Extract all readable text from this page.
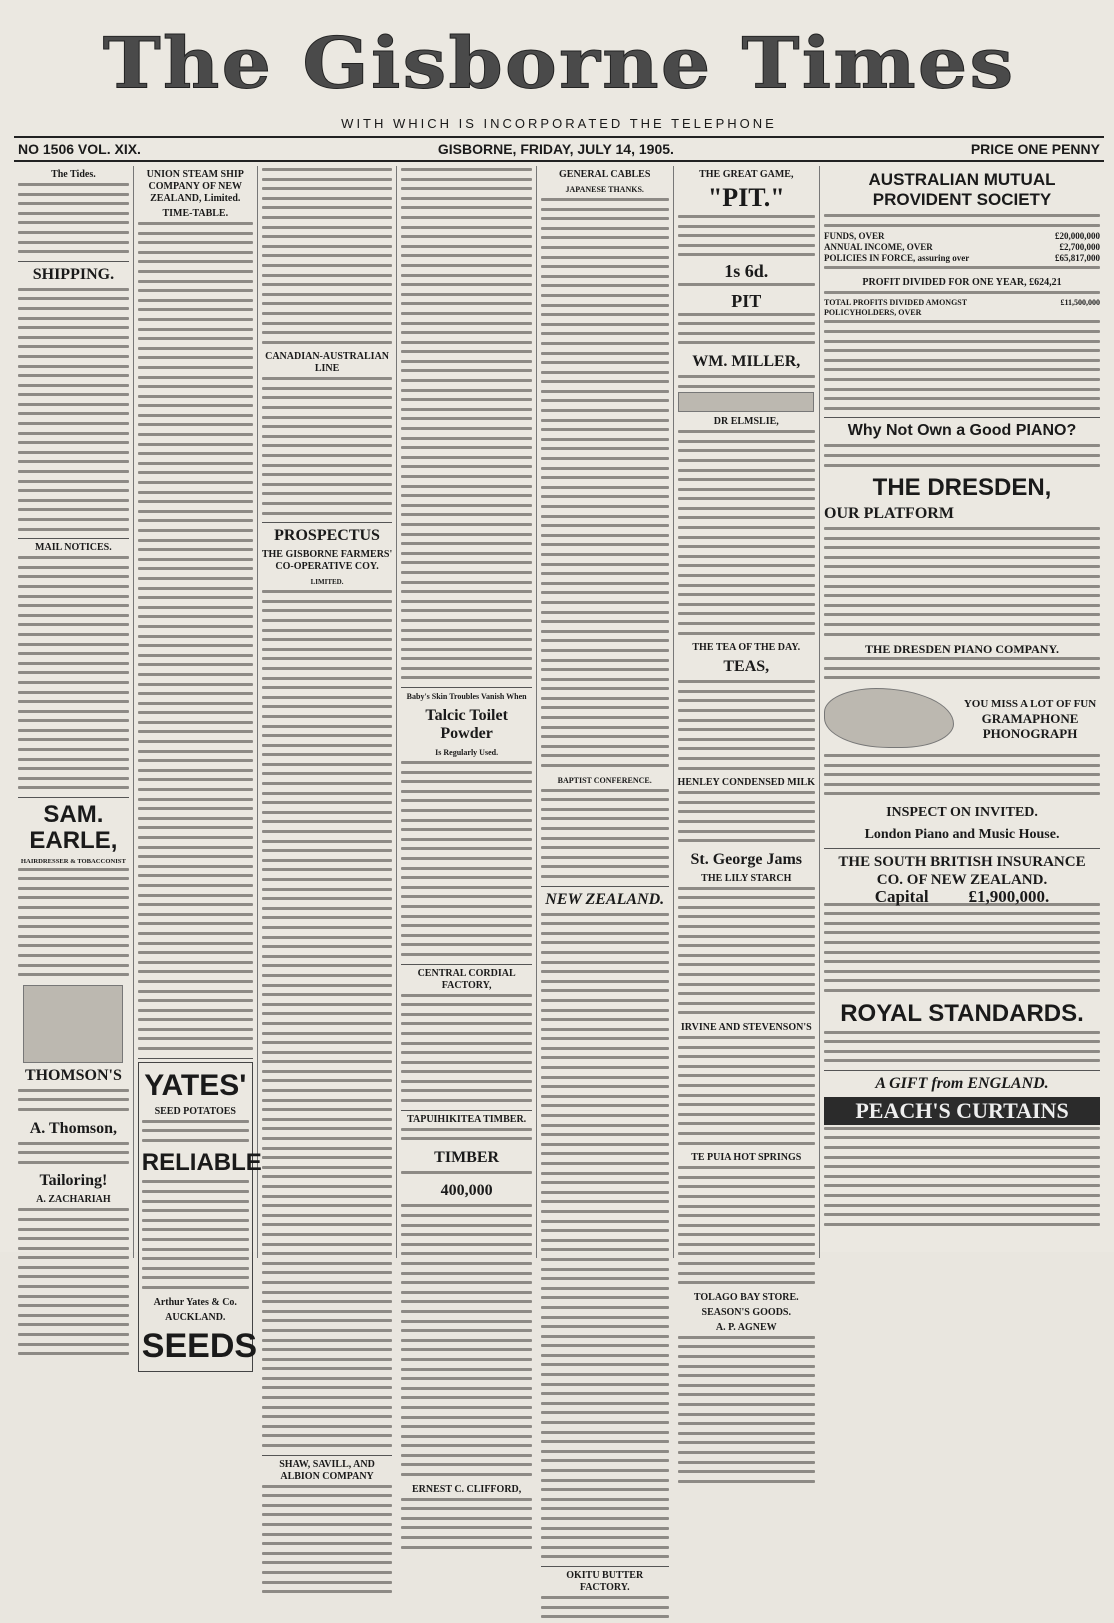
The Gisborne Times
WITH WHICH IS INCORPORATED THE TELEPHONE
NO 1506 VOL. XIX.	GISBORNE, FRIDAY, JULY 14, 1905.	PRICE ONE PENNY
The Tides.
SHIPPING.
MAIL NOTICES.
SAM. EARLE,
HAIRDRESSER & TOBACCONIST
THOMSON'S
A. Thomson,
Tailoring!
A. ZACHARIAH
UNION STEAM SHIP COMPANY OF NEW ZEALAND, Limited.
TIME-TABLE.
YATES'
SEED POTATOES
RELIABLE
Arthur Yates & Co.
AUCKLAND.
SEEDS
CANADIAN-AUSTRALIAN LINE
PROSPECTUS
THE GISBORNE FARMERS' CO-OPERATIVE COY.
LIMITED.
SHAW, SAVILL, AND ALBION COMPANY
Baby's Skin Troubles Vanish When
Talcic Toilet Powder
Is Regularly Used.
CENTRAL CORDIAL FACTORY,
TAPUIHIKITEA TIMBER.
TIMBER
400,000
ERNEST C. CLIFFORD,
GENERAL CABLES
JAPANESE THANKS.
BAPTIST CONFERENCE.
NEW ZEALAND.
OKITU BUTTER FACTORY.
THE GREAT GAME,
"PIT."
1s 6d.
PIT
WM. MILLER,
DR ELMSLIE,
THE TEA OF THE DAY.
TEAS,
HENLEY CONDENSED MILK
St. George Jams
THE LILY STARCH
IRVINE AND STEVENSON'S
TE PUIA HOT SPRINGS
TOLAGO BAY STORE.
SEASON'S GOODS.
A. P. AGNEW
AUSTRALIAN MUTUAL PROVIDENT SOCIETY
FUNDS, OVER	£20,000,000
ANNUAL INCOME, OVER	£2,700,000
POLICIES IN FORCE, assuring over	£65,817,000
PROFIT DIVIDED FOR ONE YEAR, £624,21
TOTAL PROFITS DIVIDED AMONGST POLICYHOLDERS, OVER
£11,500,000
Why Not Own a Good PIANO?
THE DRESDEN,
OUR PLATFORM
THE DRESDEN PIANO COMPANY.
YOU MISS A LOT OF FUN
GRAMAPHONE
PHONOGRAPH
INSPECT ON INVITED.
London Piano and Music House.
THE SOUTH BRITISH INSURANCE CO. OF NEW ZEALAND.
Capital £1,900,000.
ROYAL STANDARDS.
A GIFT from ENGLAND.
PEACH'S CURTAINS
